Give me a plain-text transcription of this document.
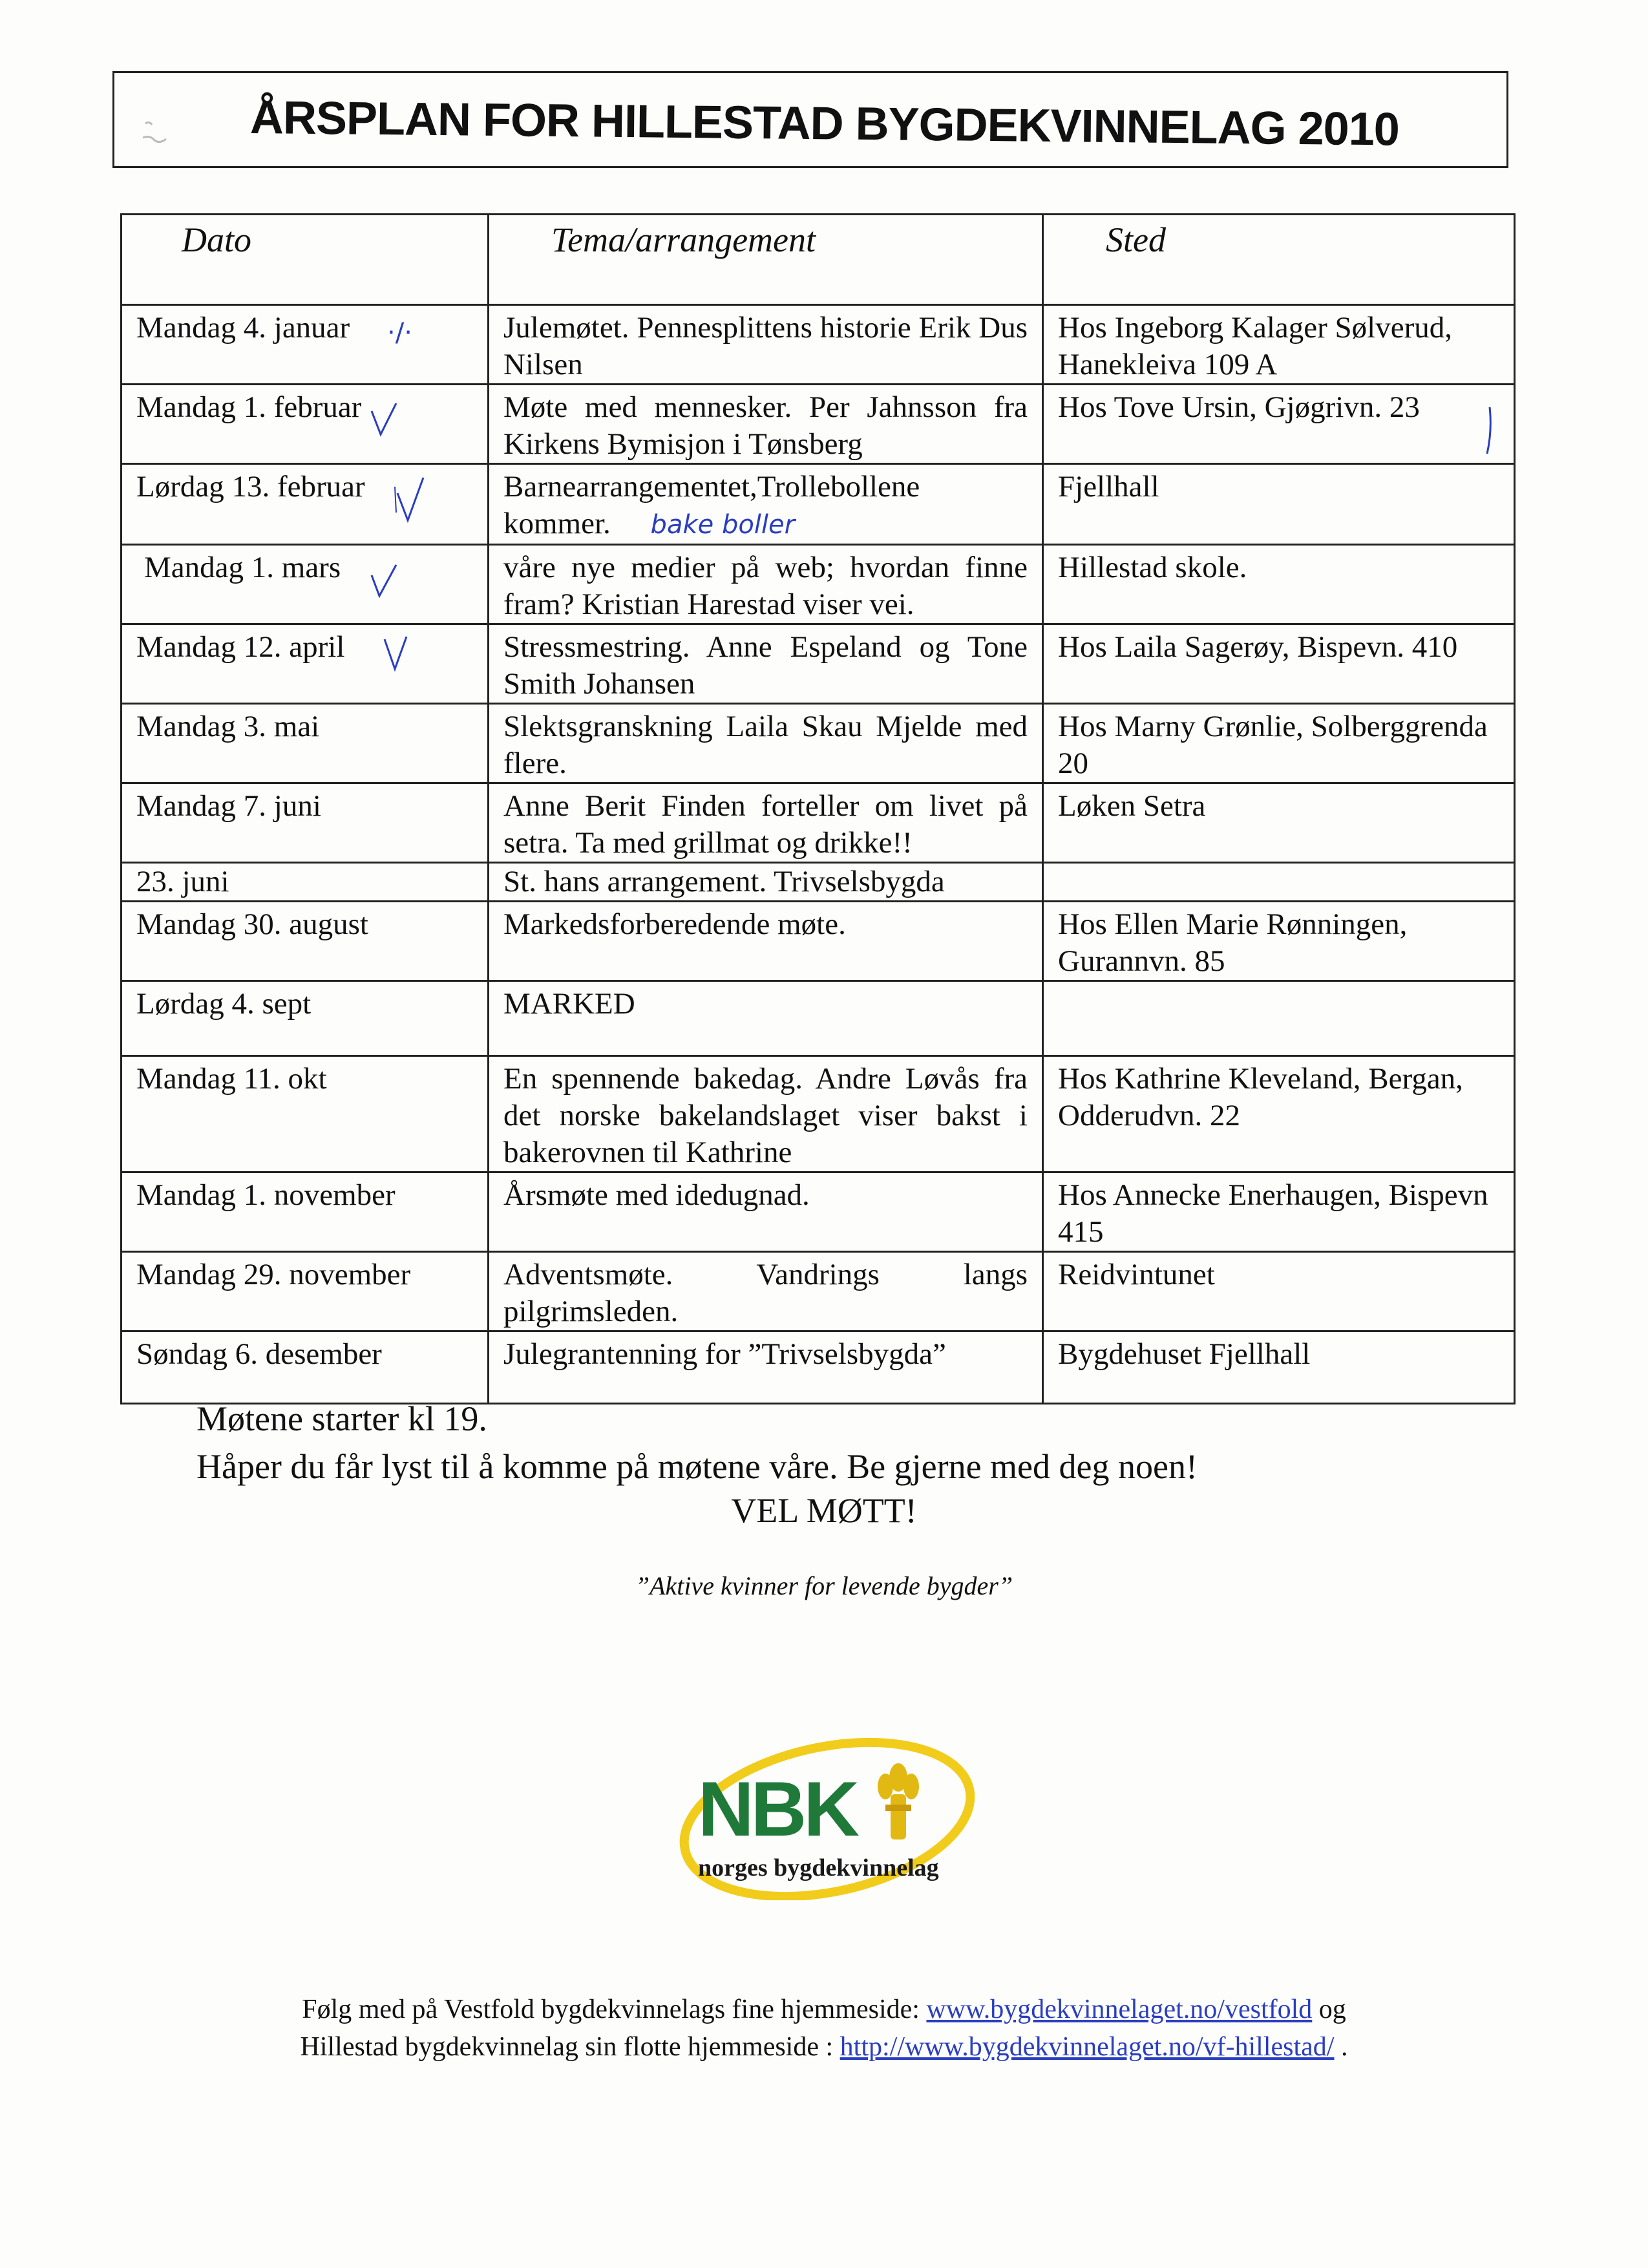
ÅRSPLAN FOR HILLESTAD BYGDEKVINNELAG 2010
Dato	Tema/arrangement	Sted
Mandag 4. januar ·/·	Julemøtet. Pennesplittens historie Erik Dus Nilsen	Hos Ingeborg Kalager Sølverud, Hanekleiva 109 A
Mandag 1. februar	Møte med mennesker. Per Jahnsson fra Kirkens Bymisjon i Tønsberg	Hos Tove Ursin, Gjøgrivn. 23

Lørdag 13. februar	Barnearrangementet,Trollebollene kommer. bake boller	Fjellhall
Mandag 1. mars	våre nye medier på web; hvordan finne fram? Kristian Harestad viser vei.	Hillestad skole.
Mandag 12. april	Stressmestring. Anne Espeland og Tone Smith Johansen	Hos Laila Sagerøy, Bispevn. 410
Mandag 3. mai	Slektsgranskning Laila Skau Mjelde med flere.	Hos Marny Grønlie, Solberggrenda 20
Mandag 7. juni	Anne Berit Finden forteller om livet på setra. Ta med grillmat og drikke!!	Løken Setra
23. juni	St. hans arrangement. Trivselsbygda	
Mandag 30. august	Markedsforberedende møte.	Hos Ellen Marie Rønningen, Gurannvn. 85
Lørdag 4. sept	MARKED	
Mandag 11. okt	En spennende bakedag. Andre Løvås fra det norske bakelandslaget viser bakst i bakerovnen til Kathrine	Hos Kathrine Kleveland, Bergan, Odderudvn. 22
Mandag 1. november	Årsmøte med idedugnad.	Hos Annecke Enerhaugen, Bispevn 415
Mandag 29. november	Adventsmøte. Vandrings langs pilgrimsleden.	Reidvintunet
Søndag 6. desember	Julegrantenning for ”Trivselsbygda”	Bygdehuset Fjellhall
Møtene starter kl 19.
Håper du får lyst til å komme på møtene våre. Be gjerne med deg noen!
VEL MØTT!
”Aktive kvinner for levende bygder”
NBK
norges bygdekvinnelag
Følg med på Vestfold bygdekvinnelags fine hjemmeside: www.bygdekvinnelaget.no/vestfold og
Hillestad bygdekvinnelag sin flotte hjemmeside : http://www.bygdekvinnelaget.no/vf-hillestad/ .
